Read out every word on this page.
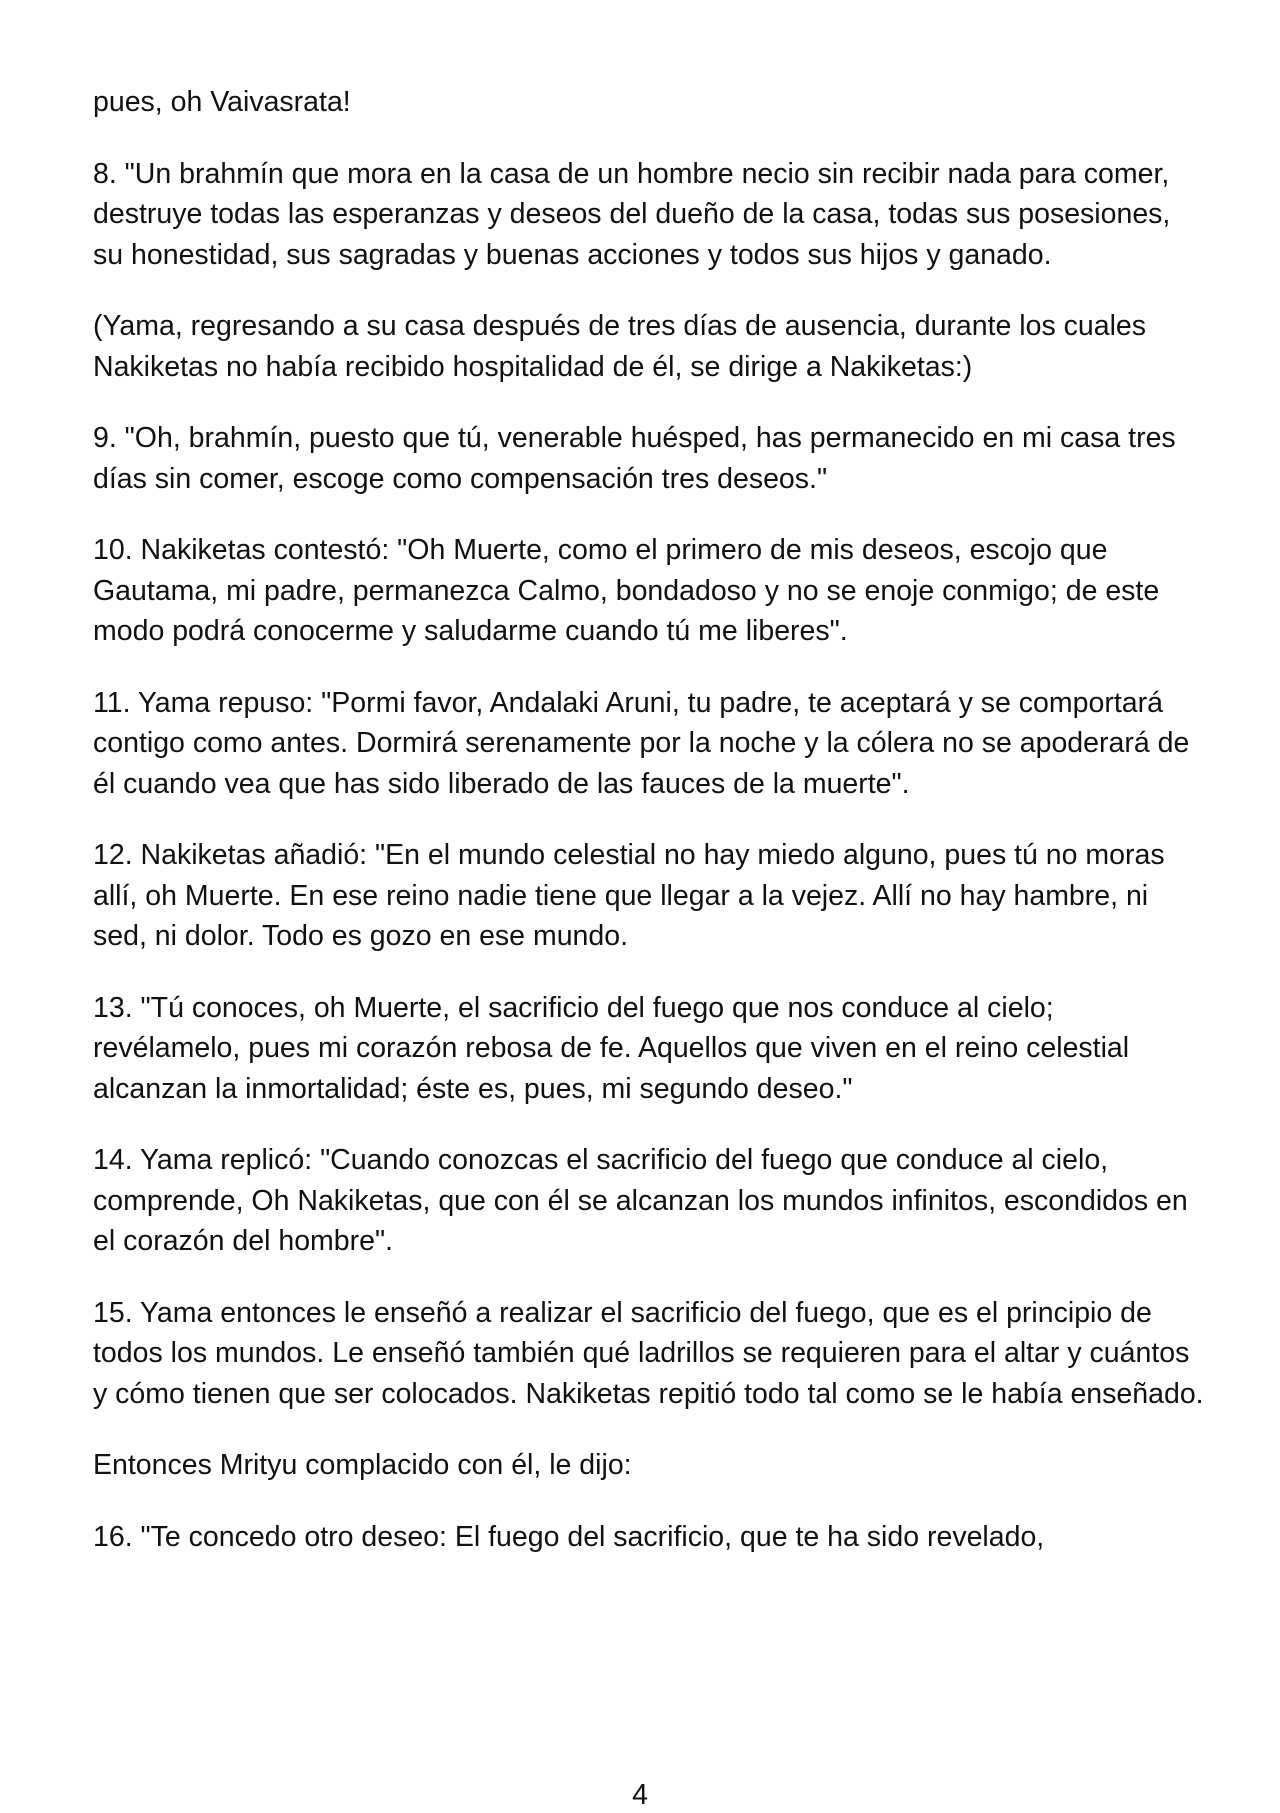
pues, oh Vaivasrata!

8. "Un brahmín que mora en la casa de un hombre necio sin recibir nada para comer, destruye todas las esperanzas y deseos del dueño de la casa, todas sus posesiones, su honestidad, sus sagradas y buenas acciones y todos sus hijos y ganado.

(Yama, regresando a su casa después de tres días de ausencia, durante los cuales Nakiketas no había recibido hospitalidad de él, se dirige a Nakiketas:)

9. "Oh, brahmín, puesto que tú, venerable huésped, has permanecido en mi casa tres días sin comer, escoge como compensación tres deseos."

10. Nakiketas contestó: "Oh Muerte, como el primero de mis deseos, escojo que Gautama, mi padre, permanezca Calmo, bondadoso y no se enoje conmigo; de este modo podrá conocerme y saludarme cuando tú me liberes".

11. Yama repuso: "Pormi favor, Andalaki Aruni, tu padre, te aceptará y se comportará contigo como antes. Dormirá serenamente por la noche y la cólera no se apoderará de él cuando vea que has sido liberado de las fauces de la muerte".

12. Nakiketas añadió: "En el mundo celestial no hay miedo alguno, pues tú no moras allí, oh Muerte. En ese reino nadie tiene que llegar a la vejez. Allí no hay hambre, ni sed, ni dolor. Todo es gozo en ese mundo.

13. "Tú conoces, oh Muerte, el sacrificio del fuego que nos conduce al cielo; revélamelo, pues mi corazón rebosa de fe. Aquellos que viven en el reino celestial alcanzan la inmortalidad; éste es, pues, mi segundo deseo."

14. Yama replicó: "Cuando conozcas el sacrificio del fuego que conduce al cielo, comprende, Oh Nakiketas, que con él se alcanzan los mundos infinitos, escondidos en el corazón del hombre".

15. Yama entonces le enseñó a realizar el sacrificio del fuego, que es el principio de todos los mundos. Le enseñó también qué ladrillos se requieren para el altar y cuántos y cómo tienen que ser colocados. Nakiketas repitió todo tal como se le había enseñado.

Entonces Mrityu complacido con él, le dijo:

16. "Te concedo otro deseo: El fuego del sacrificio, que te ha sido revelado,

4
